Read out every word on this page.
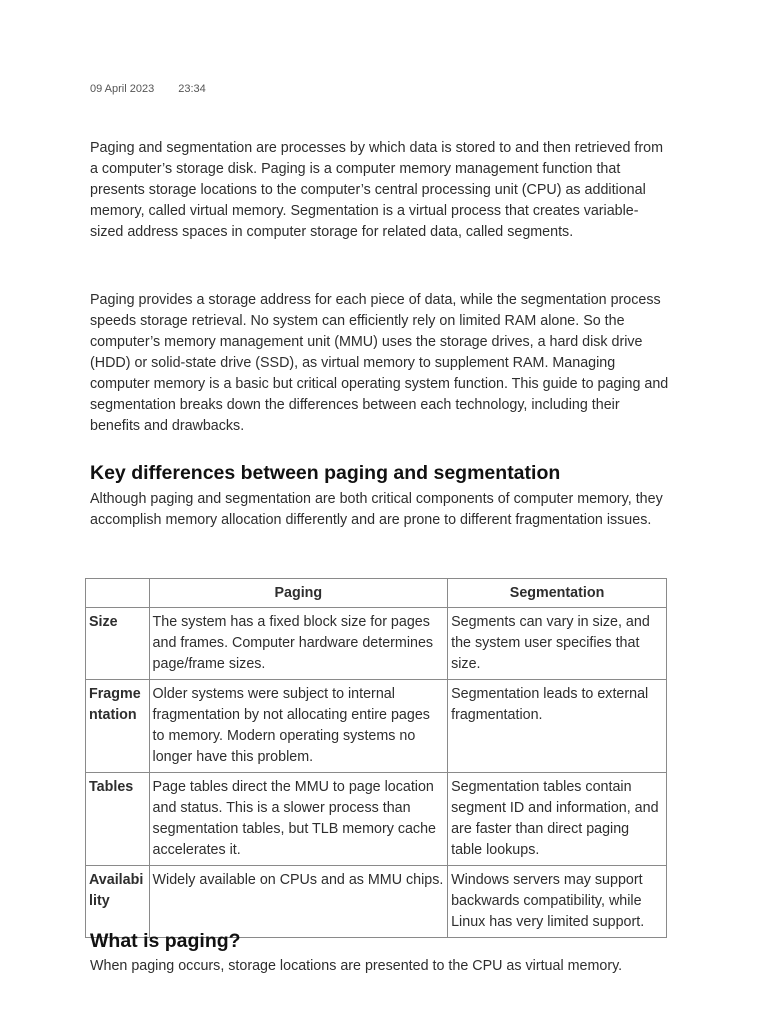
09 April 2023 23:34

Paging and segmentation are processes by which data is stored to and then retrieved from a computer’s storage disk. Paging is a computer memory management function that presents storage locations to the computer’s central processing unit (CPU) as additional memory, called virtual memory. Segmentation is a virtual process that creates variable-sized address spaces in computer storage for related data, called segments.

Paging provides a storage address for each piece of data, while the segmentation process speeds storage retrieval. No system can efficiently rely on limited RAM alone. So the computer’s memory management unit (MMU) uses the storage drives, a hard disk drive (HDD) or solid-state drive (SSD), as virtual memory to supplement RAM. Managing computer memory is a basic but critical operating system function. This guide to paging and segmentation breaks down the differences between each technology, including their benefits and drawbacks.

Key differences between paging and segmentation

Although paging and segmentation are both critical components of computer memory, they accomplish memory allocation differently and are prone to different fragmentation issues.

	Paging	Segmentation
Size	The system has a fixed block size for pages and frames. Computer hardware determines page/frame sizes.	Segments can vary in size, and the system user specifies that size.
Fragmentation	Older systems were subject to internal fragmentation by not allocating entire pages to memory. Modern operating systems no longer have this problem.	Segmentation leads to external fragmentation.
Tables	Page tables direct the MMU to page location and status. This is a slower process than segmentation tables, but TLB memory cache accelerates it.	Segmentation tables contain segment ID and information, and are faster than direct paging table lookups.
Availability	Widely available on CPUs and as MMU chips.	Windows servers may support backwards compatibility, while Linux has very limited support.
What is paging?

When paging occurs, storage locations are presented to the CPU as virtual memory.
